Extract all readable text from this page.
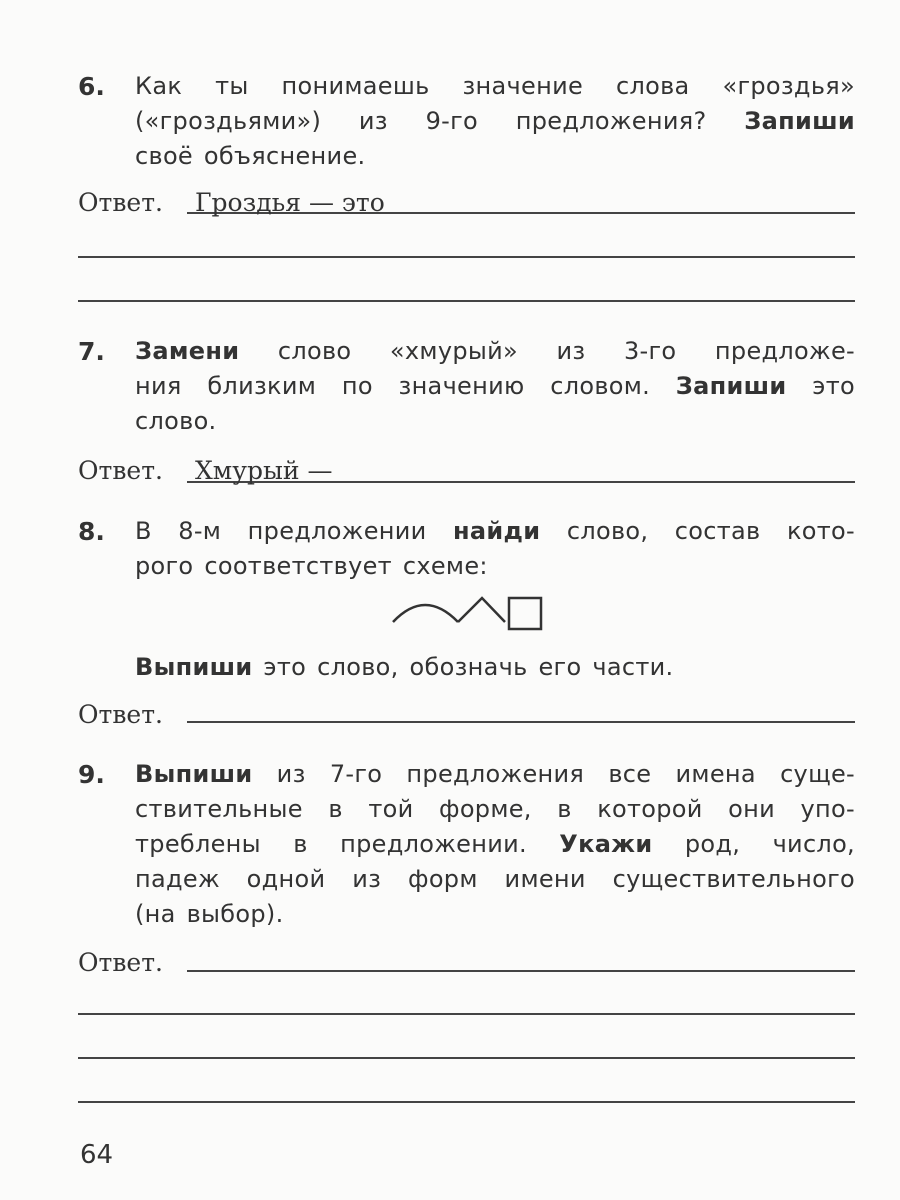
6. Как ты понимаешь значение слова «гроздья»
(«гроздьями») из 9-го предложения? Запиши
своё объяснение.
7. Замени слово «хмурый» из 3-го предложе-
ния близким по значению словом. Запиши это
слово.
8. В 8-м предложении найди слово, состав кото-
рого соответствует схеме:
Выпиши это слово, обозначь его части.
9. Выпиши из 7-го предложения все имена суще-
ствительные в той форме, в которой они упо-
треблены в предложении. Укажи род, число,
падеж одной из форм имени существительного
(на выбор).
Ответ. Гроздья — это
Ответ. Хмурый —
Ответ.
Ответ.
64
